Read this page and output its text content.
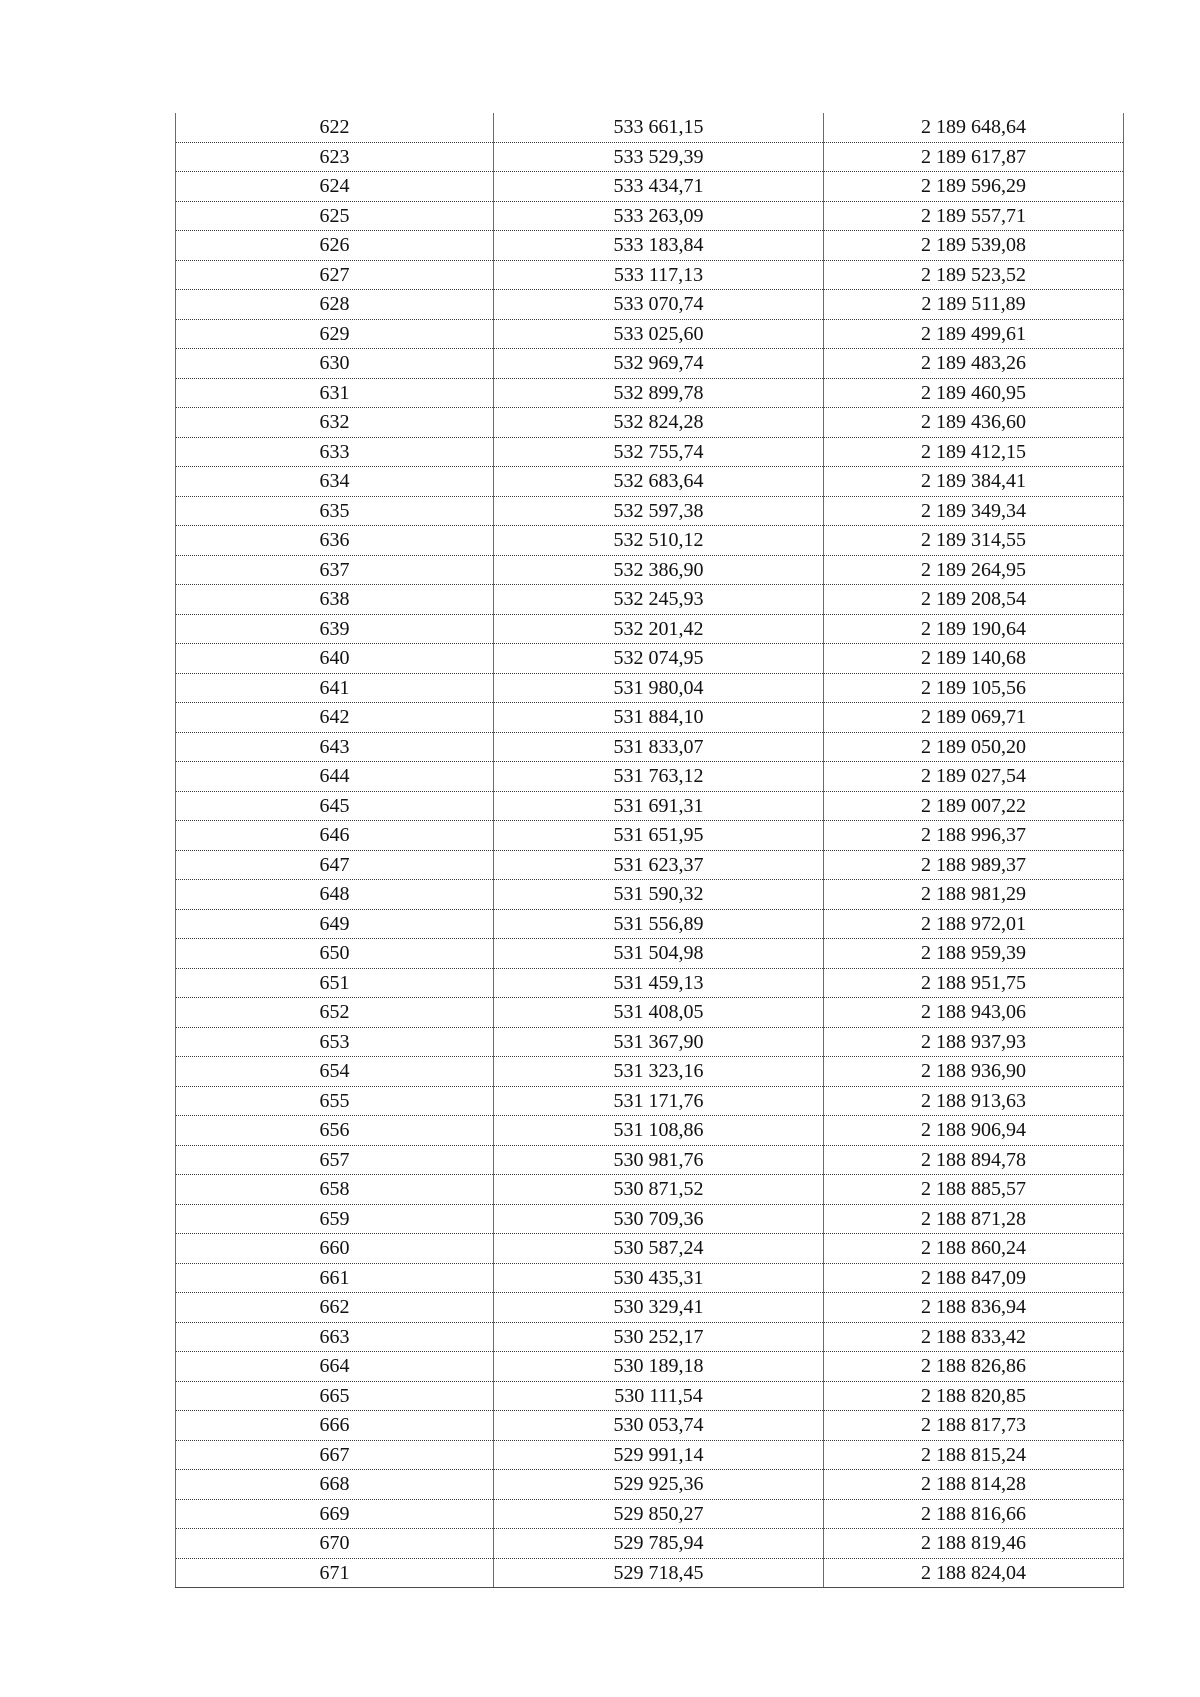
622	533 661,15	2 189 648,64
623	533 529,39	2 189 617,87
624	533 434,71	2 189 596,29
625	533 263,09	2 189 557,71
626	533 183,84	2 189 539,08
627	533 117,13	2 189 523,52
628	533 070,74	2 189 511,89
629	533 025,60	2 189 499,61
630	532 969,74	2 189 483,26
631	532 899,78	2 189 460,95
632	532 824,28	2 189 436,60
633	532 755,74	2 189 412,15
634	532 683,64	2 189 384,41
635	532 597,38	2 189 349,34
636	532 510,12	2 189 314,55
637	532 386,90	2 189 264,95
638	532 245,93	2 189 208,54
639	532 201,42	2 189 190,64
640	532 074,95	2 189 140,68
641	531 980,04	2 189 105,56
642	531 884,10	2 189 069,71
643	531 833,07	2 189 050,20
644	531 763,12	2 189 027,54
645	531 691,31	2 189 007,22
646	531 651,95	2 188 996,37
647	531 623,37	2 188 989,37
648	531 590,32	2 188 981,29
649	531 556,89	2 188 972,01
650	531 504,98	2 188 959,39
651	531 459,13	2 188 951,75
652	531 408,05	2 188 943,06
653	531 367,90	2 188 937,93
654	531 323,16	2 188 936,90
655	531 171,76	2 188 913,63
656	531 108,86	2 188 906,94
657	530 981,76	2 188 894,78
658	530 871,52	2 188 885,57
659	530 709,36	2 188 871,28
660	530 587,24	2 188 860,24
661	530 435,31	2 188 847,09
662	530 329,41	2 188 836,94
663	530 252,17	2 188 833,42
664	530 189,18	2 188 826,86
665	530 111,54	2 188 820,85
666	530 053,74	2 188 817,73
667	529 991,14	2 188 815,24
668	529 925,36	2 188 814,28
669	529 850,27	2 188 816,66
670	529 785,94	2 188 819,46
671	529 718,45	2 188 824,04
